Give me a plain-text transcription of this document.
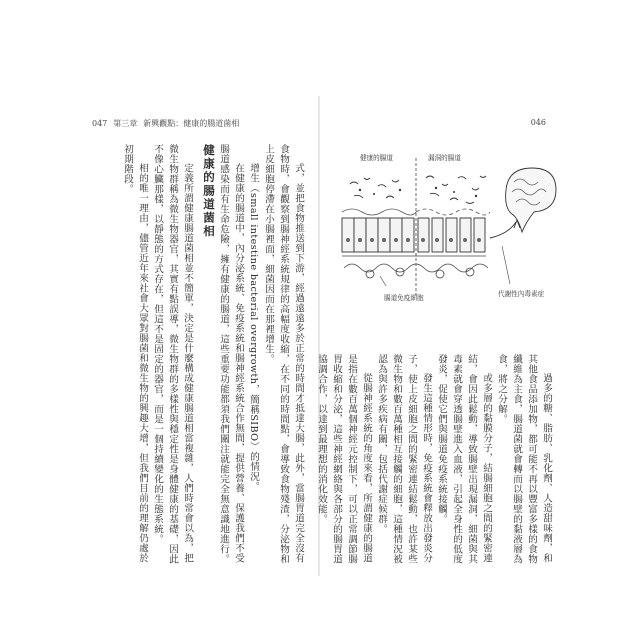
047 第三章 新興觀點：健康的腸道菌相

式，並把食物推送到下游，經過遠遠多於正常的時間才抵達大腸，此外，當腸胃道完全沒有食物時，會觀察到腸神經系統規律的高幅度收縮，在不同的時間點，會導致食物殘渣，分泌物和上皮細胞停滯在小腸裡面，細菌因而在那裡增生。

增生（small intestine bacterial overgrowth，簡稱SIBO）的情況。

在健康的腸道中，內分泌系統、免疫系統和腸神經系統合作無間，提供營養、保護我們不受腸道感染而有生命危險，擁有健康的腸道，這些重要功能都須我們關注就能完全無意識地進行。

健康的腸道菌相

定義所謂健康腸道菌相並不簡單，決定是什麼構成健康腸道相當複雜，人們時常會以為，把微生物群稱為微生物器官，其實有點誤導，微生物群的多樣性與穩定性是身體健康的基礎，因此不像心臟那樣，以靜態的方式存在，但這不是固定的器官，而是一個持續變化的生態系統。

相的唯一理由，儘管近年來社會大眾對腸菌和微生物的興趣大增，但我們目前的理解仍處於初期階段。

046
健康的腸道	漏洞的腸道
腸道免疫細胞	代謝性內毒素症

過多的糖、脂肪、乳化劑、人造甜味劑，和其他食品添加物，都可能不再以豐富多樣的食物纖維為主食，腸道菌就會轉而以腸壁的黏液層為食，將之分解。

或多層的黏膜分子，結腸細胞之間的緊密連結，會因此鬆動，導致腸壁出現漏洞，細菌與其毒素就會穿透腸壁進入血液，引起全身性的低度發炎，促使它們與腸道免疫系統接觸。

發生這種情形時，免疫系統會釋放出發炎分子，使上皮細胞之間的緊密連結鬆動，也許某些微生物和數百萬種相互接觸的細胞，這種情況被認為與許多疾病有關，包括代謝症候群。

從腸神經系統的角度來看，所謂健康的腸道是指在數百萬個神經元控制下，可以正常調節腸胃收縮和分泌，這些神經網絡與各部分的腸胃道協調合作，以達到最理想的消化效能。
